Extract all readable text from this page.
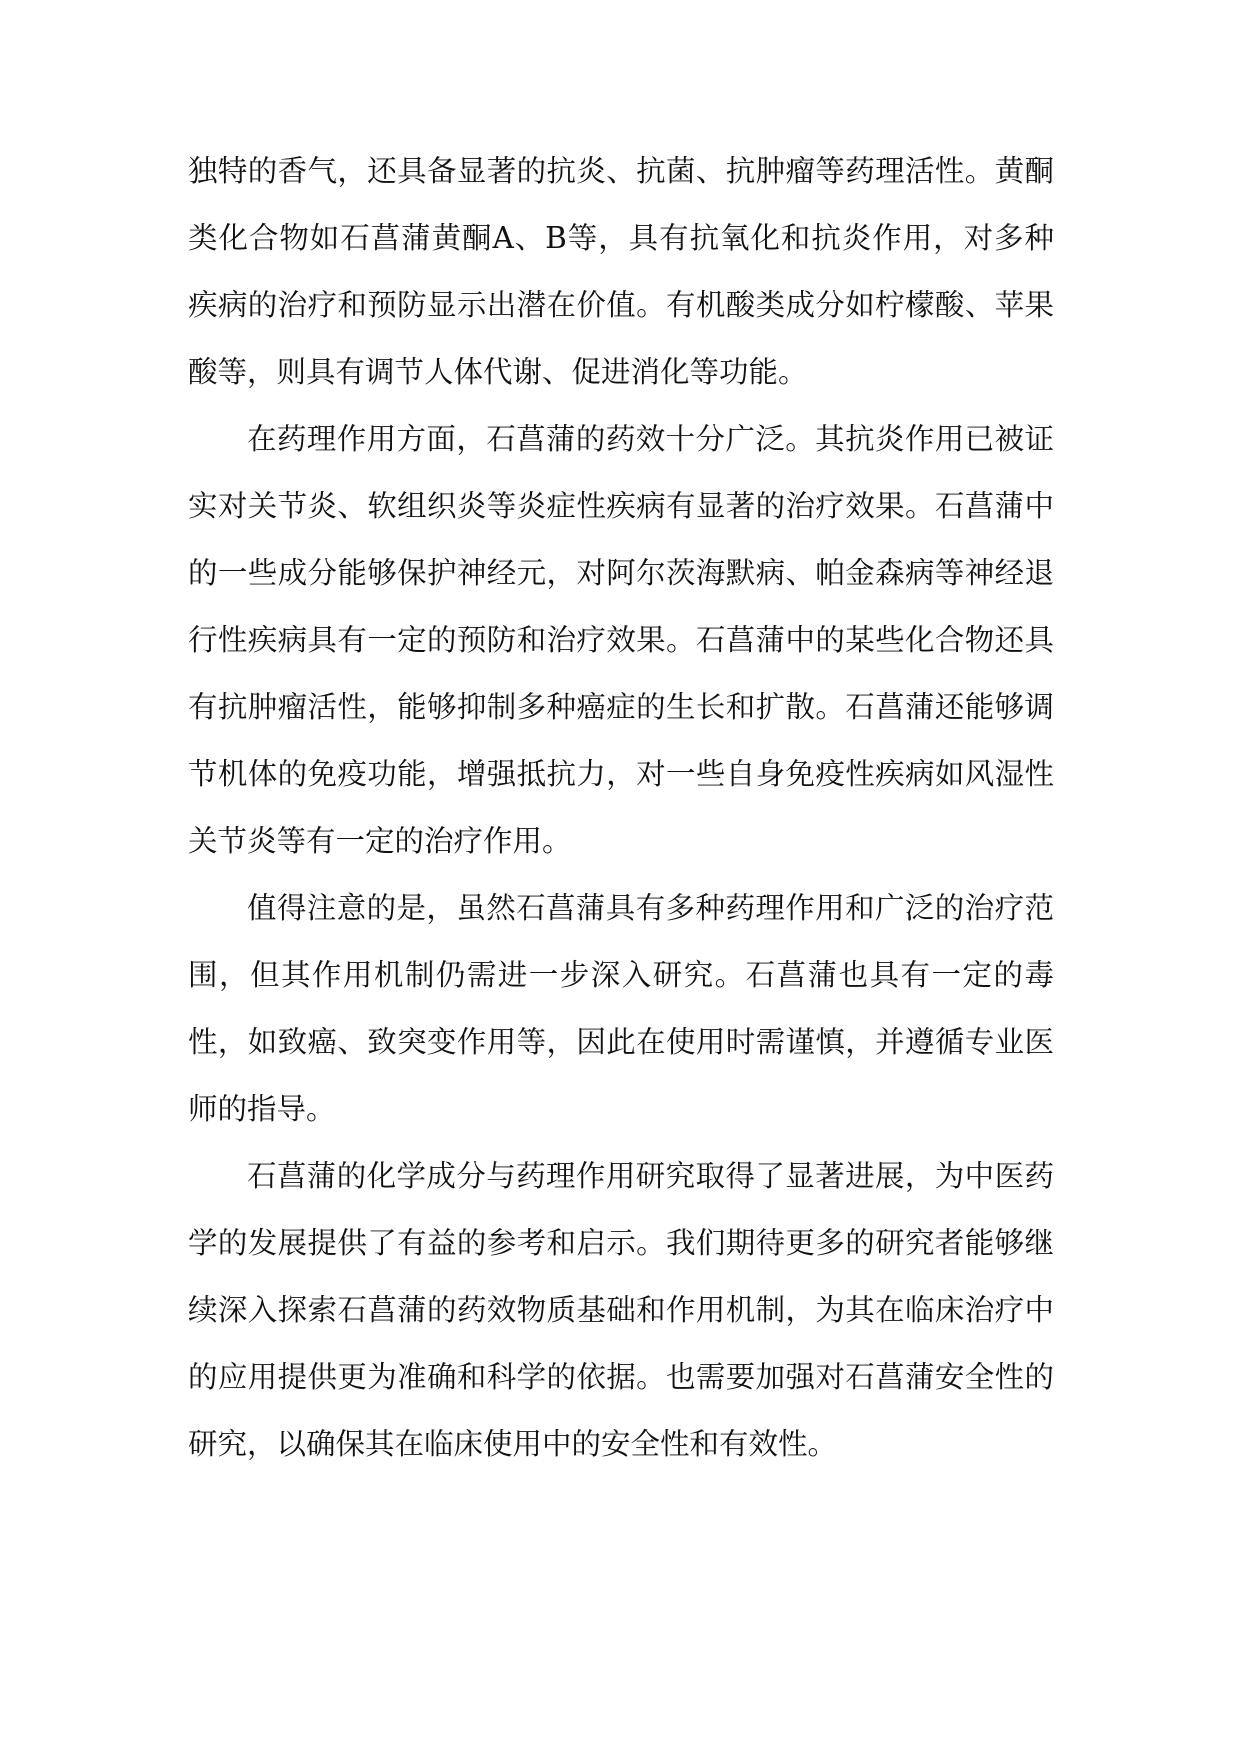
独特的香气，还具备显著的抗炎、抗菌、抗肿瘤等药理活性。黄酮类化合物如石菖蒲黄酮A、B等，具有抗氧化和抗炎作用，对多种疾病的治疗和预防显示出潜在价值。有机酸类成分如柠檬酸、苹果酸等，则具有调节人体代谢、促进消化等功能。

在药理作用方面，石菖蒲的药效十分广泛。其抗炎作用已被证实对关节炎、软组织炎等炎症性疾病有显著的治疗效果。石菖蒲中的一些成分能够保护神经元，对阿尔茨海默病、帕金森病等神经退行性疾病具有一定的预防和治疗效果。石菖蒲中的某些化合物还具有抗肿瘤活性，能够抑制多种癌症的生长和扩散。石菖蒲还能够调节机体的免疫功能，增强抵抗力，对一些自身免疫性疾病如风湿性关节炎等有一定的治疗作用。

值得注意的是，虽然石菖蒲具有多种药理作用和广泛的治疗范围，但其作用机制仍需进一步深入研究。石菖蒲也具有一定的毒性，如致癌、致突变作用等，因此在使用时需谨慎，并遵循专业医师的指导。

石菖蒲的化学成分与药理作用研究取得了显著进展，为中医药学的发展提供了有益的参考和启示。我们期待更多的研究者能够继续深入探索石菖蒲的药效物质基础和作用机制，为其在临床治疗中的应用提供更为准确和科学的依据。也需要加强对石菖蒲安全性的研究，以确保其在临床使用中的安全性和有效性。
